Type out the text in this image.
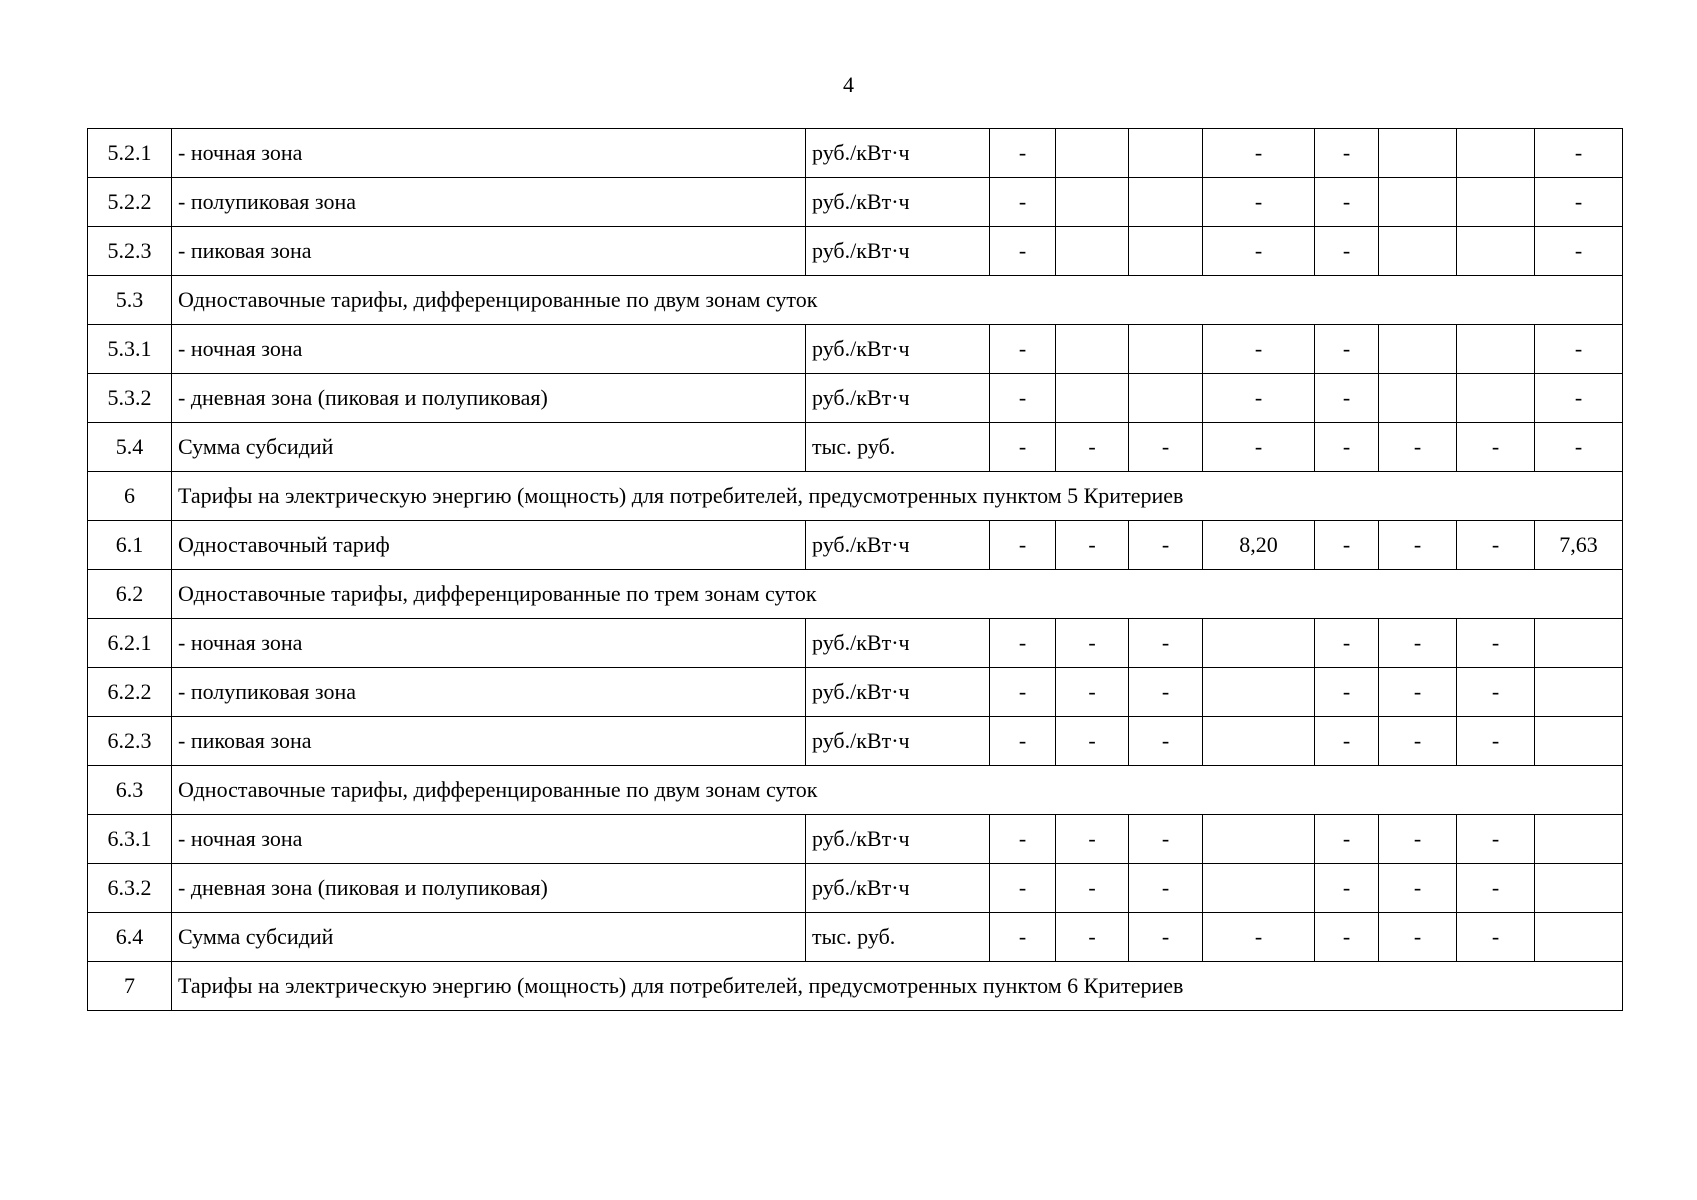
4
5.2.1	- ночная зона	руб./кВт·ч	-			-	-			-
5.2.2	- полупиковая зона	руб./кВт·ч	-			-	-			-
5.2.3	- пиковая зона	руб./кВт·ч	-			-	-			-
5.3	Одноставочные тарифы, дифференцированные по двум зонам суток									
5.3.1	- ночная зона	руб./кВт·ч	-			-	-			-
5.3.2	- дневная зона (пиковая и полупиковая)	руб./кВт·ч	-			-	-			-
5.4	Сумма субсидий	тыс. руб.	-	-	-	-	-	-	-	-
6	Тарифы на электрическую энергию (мощность) для потребителей, предусмотренных пунктом 5 Критериев									
6.1	Одноставочный тариф	руб./кВт·ч	-	-	-	8,20	-	-	-	7,63
6.2	Одноставочные тарифы, дифференцированные по трем зонам суток									
6.2.1	- ночная зона	руб./кВт·ч	-	-	-		-	-	-	
6.2.2	- полупиковая зона	руб./кВт·ч	-	-	-		-	-	-	
6.2.3	- пиковая зона	руб./кВт·ч	-	-	-		-	-	-	
6.3	Одноставочные тарифы, дифференцированные по двум зонам суток									
6.3.1	- ночная зона	руб./кВт·ч	-	-	-		-	-	-	
6.3.2	- дневная зона (пиковая и полупиковая)	руб./кВт·ч	-	-	-		-	-	-	
6.4	Сумма субсидий	тыс. руб.	-	-	-	-	-	-	-	
7	Тарифы на электрическую энергию (мощность) для потребителей, предусмотренных пунктом 6 Критериев									
